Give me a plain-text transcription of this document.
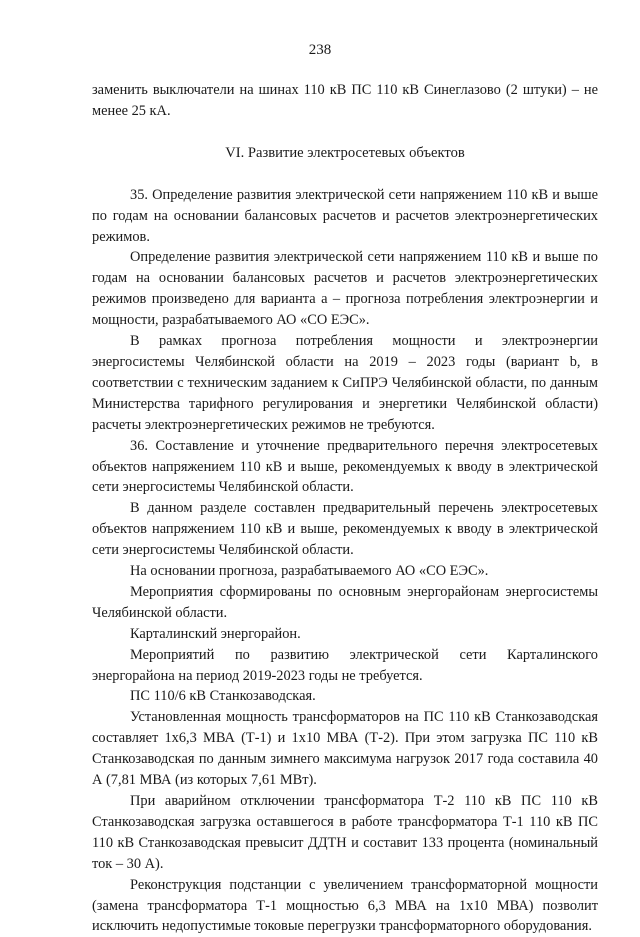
238

заменить выключатели на шинах 110 кВ ПС 110 кВ Синеглазово (2 штуки) – не менее 25 кА.

VI. Развитие электросетевых объектов

35. Определение развития электрической сети напряжением 110 кВ и выше по годам на основании балансовых расчетов и расчетов электроэнергетических режимов.

Определение развития электрической сети напряжением 110 кВ и выше по годам на основании балансовых расчетов и расчетов электроэнергетических режимов произведено для варианта а – прогноза потребления электроэнергии и мощности, разрабатываемого АО «СО ЕЭС».

В рамках прогноза потребления мощности и электроэнергии энергосистемы Челябинской области на 2019 – 2023 годы (вариант b, в соответствии с техническим заданием к СиПРЭ Челябинской области, по данным Министерства тарифного регулирования и энергетики Челябинской области) расчеты электроэнергетических режимов не требуются.

36. Составление и уточнение предварительного перечня электросетевых объектов напряжением 110 кВ и выше, рекомендуемых к вводу в электрической сети энергосистемы Челябинской области.

В данном разделе составлен предварительный перечень электросетевых объектов напряжением 110 кВ и выше, рекомендуемых к вводу в электрической сети энергосистемы Челябинской области.

На основании прогноза, разрабатываемого АО «СО ЕЭС».

Мероприятия сформированы по основным энергорайонам энергосистемы Челябинской области.

Карталинский энергорайон.

Мероприятий по развитию электрической сети Карталинского энергорайона на период 2019-2023 годы не требуется.

ПС 110/6 кВ Станкозаводская.

Установленная мощность трансформаторов на ПС 110 кВ Станкозаводская составляет 1х6,3 МВА (Т-1) и 1х10 МВА (Т-2). При этом загрузка ПС 110 кВ Станкозаводская по данным зимнего максимума нагрузок 2017 года составила 40 А (7,81 МВА (из которых 7,61 МВт).

При аварийном отключении трансформатора Т-2 110 кВ ПС 110 кВ Станкозаводская загрузка оставшегося в работе трансформатора Т-1 110 кВ ПС 110 кВ Станкозаводская превысит ДДТН и составит 133 процента (номинальный ток – 30 А).

Реконструкция подстанции с увеличением трансформаторной мощности (замена трансформатора Т-1 мощностью 6,3 МВА на 1х10 МВА) позволит исключить недопустимые токовые перегрузки трансформаторного оборудования.
